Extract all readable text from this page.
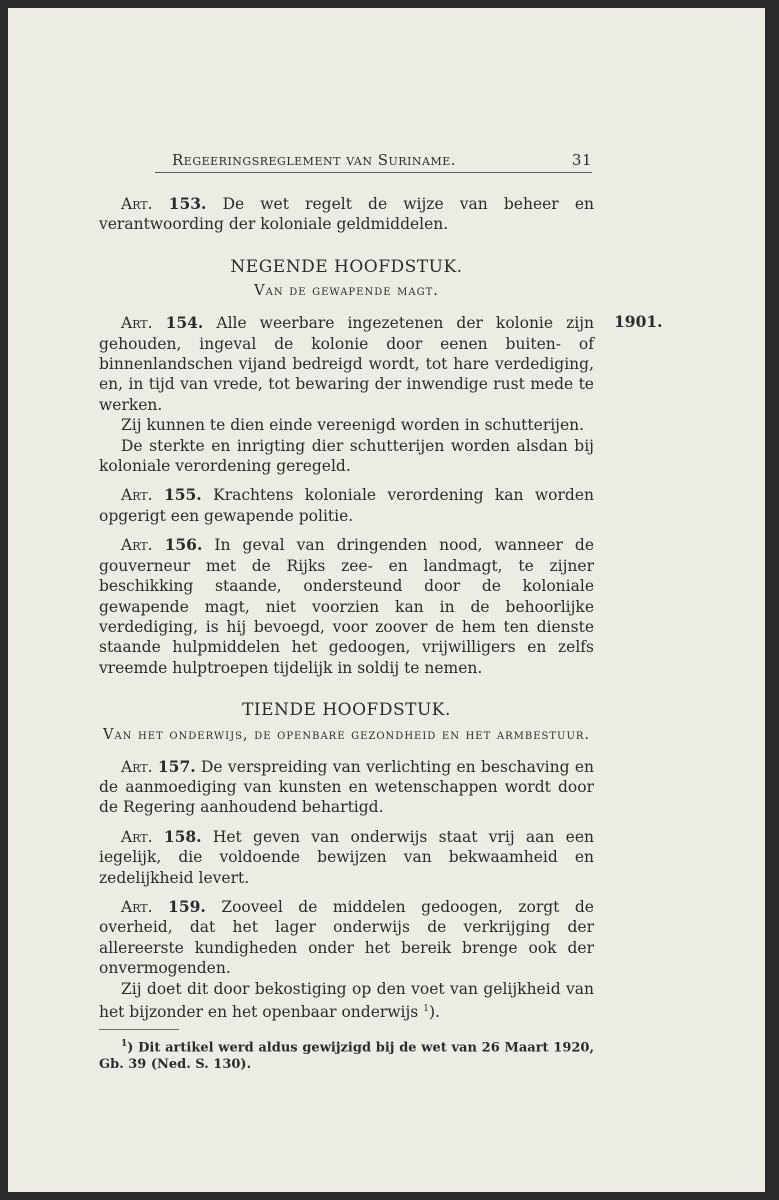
Regeeringsreglement van Suriname.	31
1901.

Art. 153. De wet regelt de wijze van beheer en verantwoording der koloniale geldmiddelen.

NEGENDE HOOFDSTUK.
Van de gewapende magt.

Art. 154. Alle weerbare ingezetenen der kolonie zijn gehouden, ingeval de kolonie door eenen buiten- of binnenlandschen vijand bedreigd wordt, tot hare verdediging, en, in tijd van vrede, tot bewaring der inwendige rust mede te werken.

Zij kunnen te dien einde vereenigd worden in schutterijen.

De sterkte en inrigting dier schutterijen worden alsdan bij koloniale verordening geregeld.

Art. 155. Krachtens koloniale verordening kan worden opgerigt een gewapende politie.

Art. 156. In geval van dringenden nood, wanneer de gouverneur met de Rijks zee- en landmagt, te zijner beschikking staande, ondersteund door de koloniale gewapende magt, niet voorzien kan in de behoorlijke verdediging, is hij bevoegd, voor zoover de hem ten dienste staande hulpmiddelen het gedoogen, vrijwilligers en zelfs vreemde hulptroepen tijdelijk in soldij te nemen.

TIENDE HOOFDSTUK.
Van het onderwijs, de openbare gezondheid en het armbestuur.

Art. 157. De verspreiding van verlichting en beschaving en de aanmoediging van kunsten en wetenschappen wordt door de Regering aanhoudend behartigd.

Art. 158. Het geven van onderwijs staat vrij aan een iegelijk, die voldoende bewijzen van bekwaamheid en zedelijkheid levert.

Art. 159. Zooveel de middelen gedoogen, zorgt de overheid, dat het lager onderwijs de verkrijging der allereerste kundigheden onder het bereik brenge ook der onvermogenden.

Zij doet dit door bekostiging op den voet van gelijkheid van het bijzonder en het openbaar onderwijs $^1$).

$^1$) Dit artikel werd aldus gewijzigd bij de wet van 26 Maart 1920, Gb. 39 (Ned. S. 130).
